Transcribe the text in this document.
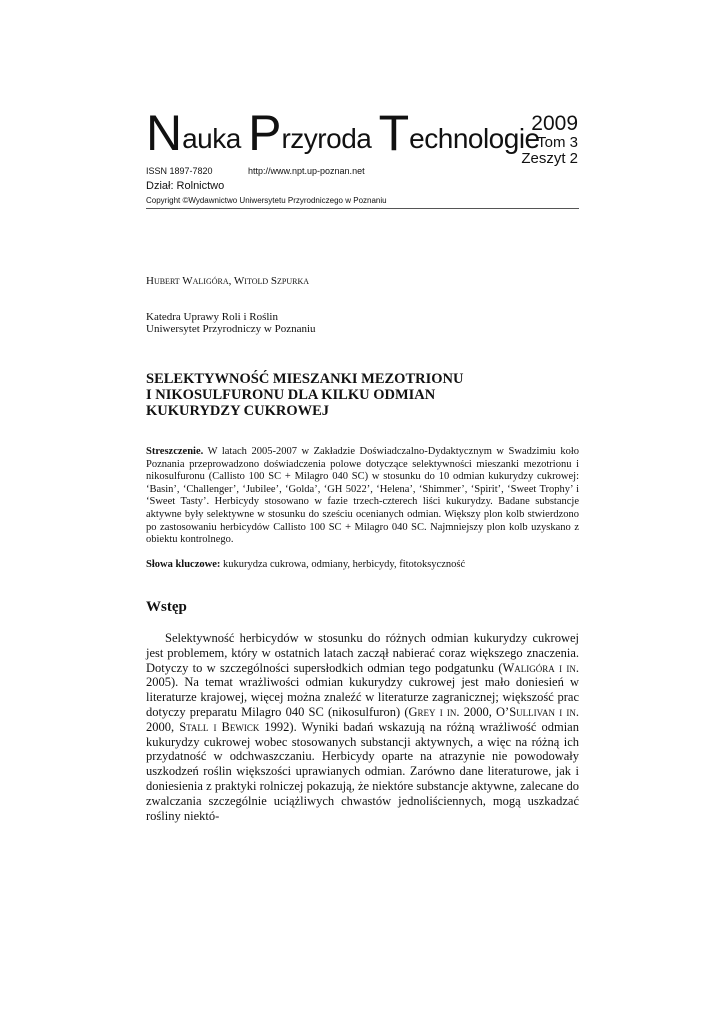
Nauka Przyroda Technologie
2009
Tom 3
Zeszyt 2
ISSN 1897-7820	http://www.npt.up-poznan.net
Dział: Rolnictwo
Copyright ©Wydawnictwo Uniwersytetu Przyrodniczego w Poznaniu
Hubert Waligóra, Witold Szpurka
Katedra Uprawy Roli i Roślin
Uniwersytet Przyrodniczy w Poznaniu
SELEKTYWNOŚĆ MIESZANKI MEZOTRIONU
I NIKOSULFURONU DLA KILKU ODMIAN
KUKURYDZY CUKROWEJ
Streszczenie. W latach 2005-2007 w Zakładzie Doświadczalno-Dydaktycznym w Swadzimiu koło Poznania przeprowadzono doświadczenia polowe dotyczące selektywności mieszanki mezotrionu i nikosulfuronu (Callisto 100 SC + Milagro 040 SC) w stosunku do 10 odmian kukurydzy cukrowej: ‘Basin’, ‘Challenger’, ‘Jubilee’, ‘Golda’, ‘GH 5022’, ‘Helena’, ‘Shimmer’, ‘Spirit’, ‘Sweet Trophy’ i ‘Sweet Tasty’. Herbicydy stosowano w fazie trzech-czterech liści kukurydzy. Badane substancje aktywne były selektywne w stosunku do sześciu ocenianych odmian. Większy plon kolb stwierdzono po zastosowaniu herbicydów Callisto 100 SC + Milagro 040 SC. Najmniejszy plon kolb uzyskano z obiektu kontrolnego.
Słowa kluczowe: kukurydza cukrowa, odmiany, herbicydy, fitotoksyczność
Wstęp
Selektywność herbicydów w stosunku do różnych odmian kukurydzy cukrowej jest problemem, który w ostatnich latach zaczął nabierać coraz większego znaczenia. Dotyczy to w szczególności supersłodkich odmian tego podgatunku (Waligóra i in. 2005). Na temat wrażliwości odmian kukurydzy cukrowej jest mało doniesień w literaturze krajowej, więcej można znaleźć w literaturze zagranicznej; większość prac dotyczy preparatu Milagro 040 SC (nikosulfuron) (Grey i in. 2000, O’Sullivan i in. 2000, Stall i Bewick 1992). Wyniki badań wskazują na różną wrażliwość odmian kukurydzy cukrowej wobec stosowanych substancji aktywnych, a więc na różną ich przydatność w odchwaszczaniu. Herbicydy oparte na atrazynie nie powodowały uszkodzeń roślin większości uprawianych odmian. Zarówno dane literaturowe, jak i doniesienia z praktyki rolniczej pokazują, że niektóre substancje aktywne, zalecane do zwalczania szczególnie uciążliwych chwastów jednoliściennych, mogą uszkadzać rośliny niektó-
